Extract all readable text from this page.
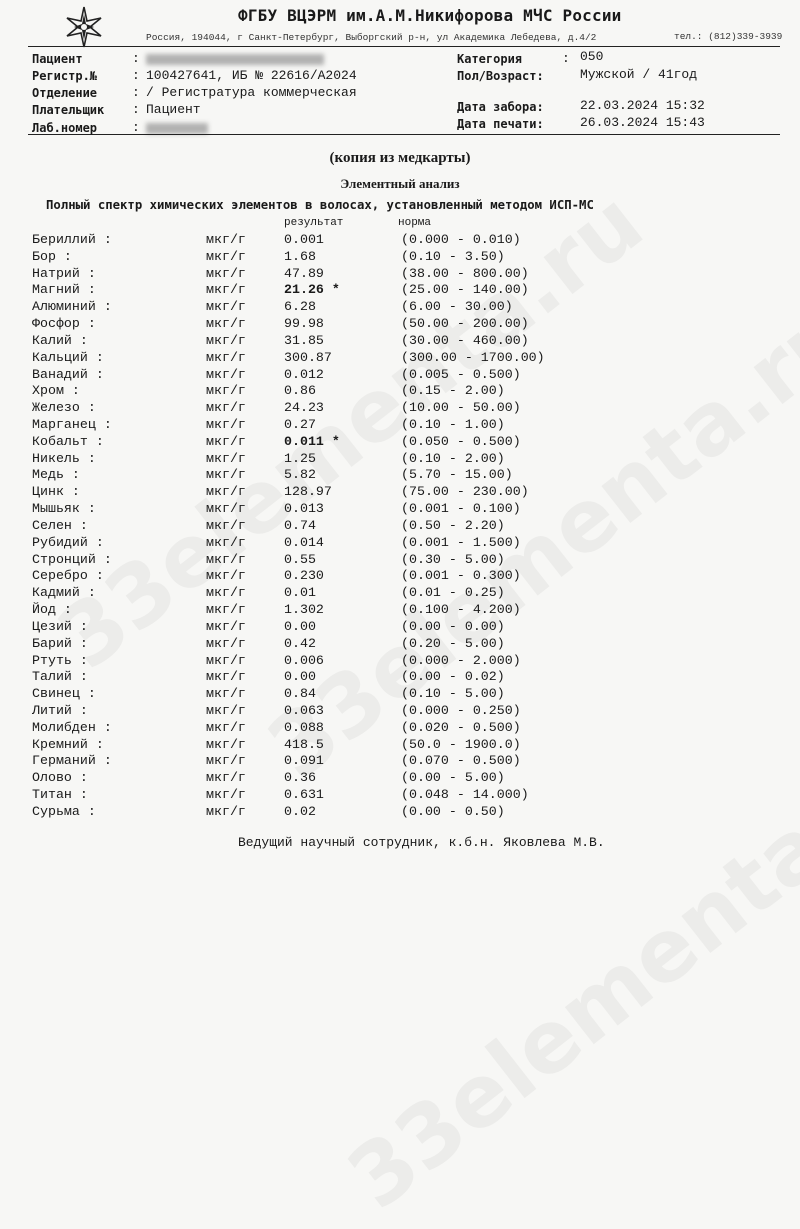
ФГБУ ВЦЭРМ им.А.М.Никифорова МЧС России
Россия, 194044, г Санкт-Петербург, Выборгский р-н, ул Академика Лебедева, д.4/2	тел.: (812)339-3939
Пациент	:
Регистр.№	: 100427641, ИБ № 22616/А2024
Отделение	: / Регистратура коммерческая
Плательщик : Пациент
Лаб.номер	:
Категория	: 050
Пол/Возраст:	Мужской / 41год
Дата забора:	22.03.2024 15:32
Дата печати:	26.03.2024 15:43
(копия из медкарты)
Элементный анализ
Полный спектр химических элементов в волосах, установленный методом ИСП-МС
результат	норма
Бериллий :	мкг/г	0.001	(0.000 - 0.010)
Бор :	мкг/г	1.68	(0.10 - 3.50)
Натрий :	мкг/г	47.89	(38.00 - 800.00)
Магний :	мкг/г	21.26 *	(25.00 - 140.00)
Алюминий :	мкг/г	6.28	(6.00 - 30.00)
Фосфор :	мкг/г	99.98	(50.00 - 200.00)
Калий :	мкг/г	31.85	(30.00 - 460.00)
Кальций :	мкг/г	300.87	(300.00 - 1700.00)
Ванадий :	мкг/г	0.012	(0.005 - 0.500)
Хром :	мкг/г	0.86	(0.15 - 2.00)
Железо :	мкг/г	24.23	(10.00 - 50.00)
Марганец :	мкг/г	0.27	(0.10 - 1.00)
Кобальт :	мкг/г	0.011 *	(0.050 - 0.500)
Никель :	мкг/г	1.25	(0.10 - 2.00)
Медь :	мкг/г	5.82	(5.70 - 15.00)
Цинк :	мкг/г	128.97	(75.00 - 230.00)
Мышьяк :	мкг/г	0.013	(0.001 - 0.100)
Селен :	мкг/г	0.74	(0.50 - 2.20)
Рубидий :	мкг/г	0.014	(0.001 - 1.500)
Стронций :	мкг/г	0.55	(0.30 - 5.00)
Серебро :	мкг/г	0.230	(0.001 - 0.300)
Кадмий :	мкг/г	0.01	(0.01 - 0.25)
Йод :	мкг/г	1.302	(0.100 - 4.200)
Цезий :	мкг/г	0.00	(0.00 - 0.00)
Барий :	мкг/г	0.42	(0.20 - 5.00)
Ртуть :	мкг/г	0.006	(0.000 - 2.000)
Талий :	мкг/г	0.00	(0.00 - 0.02)
Свинец :	мкг/г	0.84	(0.10 - 5.00)
Литий :	мкг/г	0.063	(0.000 - 0.250)
Молибден :	мкг/г	0.088	(0.020 - 0.500)
Кремний :	мкг/г	418.5	(50.0 - 1900.0)
Германий :	мкг/г	0.091	(0.070 - 0.500)
Олово :	мкг/г	0.36	(0.00 - 5.00)
Титан :	мкг/г	0.631	(0.048 - 14.000)
Сурьма :	мкг/г	0.02	(0.00 - 0.50)
Ведущий научный сотрудник, к.б.н. Яковлева М.В.
